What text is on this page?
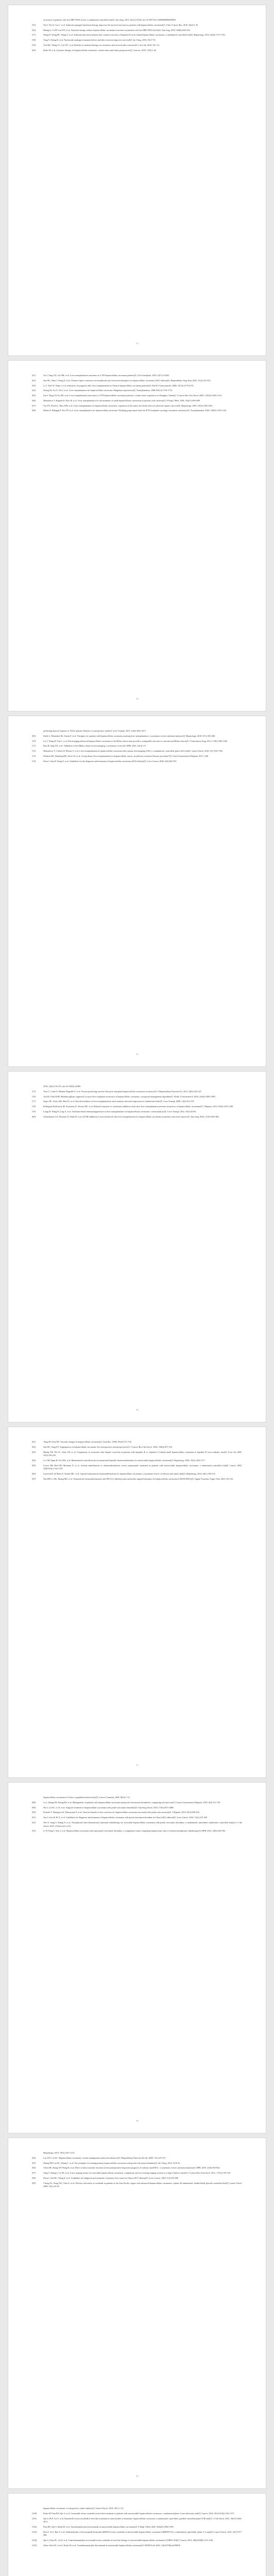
recurrence in patients with low HBV-DNA levels: a randomized controlled trial[J]. Ann Surg, 2015, 261(1):56-66. doi:10.1097/SLA.0000000000000858.
[55]	Wu J, Yin Z, Cao L, et al. Adjuvant equipped interferon therapy improves the survival outcomes in patients with hepatocellular carcinoma[J]. Chin J Cancer Res, 2018, 30(2):1-10.
[56]	Huang G, Li PP, Lau WY, et al. Antiviral therapy reduces hepatocellular carcinoma recurrence in patients with low HBV-DNA levels[J]. Ann Surg, 2018, 268(6):943-954.
[57]	Wang JJ, Wong BC, Wang Y, et al. Adjuvant antiviral treatment after curative resection of hepatitis B virus related hepatocellular carcinoma: a randomized controlled trial[J]. Hepatology, 2015, 62(6):1737-1750.
[58]	Yang Y, Zhang H, et al. Nucleoside analogue treatment before and after resection improves survival[J]. Int J Surg, 2016, 38:27-35.
[59]	Tsai MC, Wang CC, Lee WC, et al. Benefits of antiviral therapy on recurrence and survival after resection[J]. Liver Int, 2018, 38:1-12.
[60]	Kudo M, et al. Systemic therapy for hepatocellular carcinoma: current status and future perspectives[J]. Cancers, 2019, 11(8):1-20.
73
[61]	Xu J, Yang XX, Liu PM, et al. Liver transplantation outcomes in 2 339 hepatocellular carcinoma patients[J]. Clin Transplant, 2018, 32(7):e13285.
[62]	Sun HC, Zhou J, Wang Z, et al. Chinese expert consensus on neoadjuvant and conversion therapies for hepatocellular carcinoma (2021 edition)[J]. Hepatobiliary Surg Nutr, 2022, 11(2):227-252.
[63]	Li J, Yan LN, Yang J, et al. Indicators of prognosis after liver transplantation in Chinese hepatocellular carcinoma patients[J]. World J Gastroenterol, 2009, 15(33):4170-4176.
[64]	Zheng SS, Xu X, Wu J, et al. Liver transplantation for hepatocellular carcinoma: Hangzhou experiences[J]. Transplantation, 2008, 85(12):1726-1732.
[65]	Fan J, Yang GS, Fu ZR, et al. Liver transplantation outcomes in 1,078 hepatocellular carcinoma patients: a multi-center experience in Shanghai, China[J]. J Cancer Res Clin Oncol, 2009, 135(10):1403-1412.
[66]	Mazzaferro V, Regalia E, Doci R, et al. Liver transplantation for the treatment of small hepatocellular carcinomas in patients with cirrhosis[J]. N Engl J Med, 1996, 334(11):693-699.
[67]	Yao FY, Ferrell L, Bass NM, et al. Liver transplantation for hepatocellular carcinoma: expansion of the tumor size limits does not adversely impact survival[J]. Hepatology, 2001, 33(6):1394-1403.
[68]	Mehta N, Bhangui P, Yao FY, et al. Liver transplantation for hepatocellular carcinoma. Working group report from the ILTS transplant oncology consensus conference[J]. Transplantation, 2020, 104(6):1136-1142.
74
predicting tumour response to TACE patients: Results of a prospective study[J]. Liver Transpl, 2015, 21(8):1062-1071.
[69]	Kulik L, Heimbach JK, Zaiem F, et al. Therapies for patients with hepatocellular carcinoma awaiting liver transplantation: a systematic review and meta-analysis[J]. Hepatology, 2018, 67(1):381-400.
[70]	Lei J, Wang W, Yan L, et al. Downstaging advanced hepatocellular carcinoma to the Milan criteria may provide a comparable outcome to conventional Milan criteria[J]. J Gastrointest Surg, 2013, 17(8):1440-1446.
[71]	Kim B, Jung YK, et al. Validation of the Milan criteria for downstaging: a systematic review[J]. HPB, 2021, 23(3):1-9.
[72]	Mazzaferro V, Citterio D, Bhoori S, et al. Liver transplantation in hepatocellular carcinoma after tumour downstaging (XXL): a randomised, controlled, phase 2b/3 trial[J]. Lancet Oncol, 2020, 21(7):947-956.
[73]	Pinheiro RS, Waisberg DR, Nacif LS, et al. Living donor liver transplantation for hepatocellular cancer: an (almost) exclusive Eastern procedure?[J]. Transl Gastroenterol Hepatol, 2017, 2:68.
[74]	Zhou J, Sun H, Wang Z, et al. Guidelines for the diagnosis and treatment of hepatocellular carcinoma (2019 edition)[J]. Liver Cancer, 2020, 9(6):682-720.
75
2018, 24(2):134-155. doi:10.1002/lt.24985.
[75]	Toso C, Cader S, Mentha-Dugerdil A, et al. Factors predicting survival after post-transplant hepatocellular carcinoma recurrence[J]. J Hepatobiliary Pancreat Sci, 2013, 20(3):342-347.
[76]	Au KP, Chok KSH. Multidisciplinary approach for post-liver transplant recurrence of hepatocellular carcinoma: a proposed management algorithm[J]. World J Gastroenterol, 2018, 24(45):5081-5094.
[77]	Segev DL, Sozio SM, Shin EJ, et al. Steroid avoidance in liver transplantation: meta-analysis and meta-regression of randomized trials[J]. Liver Transpl, 2008, 14(4):512-525.
[78]	Rodriguez-Peralvarez M, Tsochatzis E, Naveas MC, et al. Reduced exposure to calcineurin inhibitors early after liver transplantation prevents recurrence of hepatocellular carcinoma[J]. J Hepatol, 2013, 59(6):1193-1199.
[79]	Liang W, Wang D, Ling X, et al. Sirolimus-based immunosuppression in liver transplantation for hepatocellular carcinoma: a meta-analysis[J]. Liver Transpl, 2012, 18(1):62-69.
[80]	Schnitzbauer AA, Filmann N, Adam R, et al. mTOR inhibition is most beneficial after liver transplantation for hepatocellular carcinoma in patients with active tumors[J]. Ann Surg, 2020, 272(5):855-862.
76
[81]	Yang ZF, Poon RT. Vascular changes in hepatocellular carcinoma[J]. Anat Rec, 2008, 291(6):721-734.
[82]	Sun HC, Tang ZY. Angiogenesis in hepatocellular carcinoma: the retrospectives and perspectives[J]. J Cancer Res Clin Oncol, 2004, 130(6):307-319.
[83]	Huang YH, Wu JC, Chen CH, et al. Comparison of recurrence after hepatic resection in patients with hepatitis B vs. hepatitis C-related small hepatocellular carcinoma in hepatitis B virus endemic area[J]. Liver Int, 2005, 25(2):236-241.
[84]	Lo CM, Ngan H, Tso WK, et al. Randomized controlled trial of transarterial lipiodol chemoembolization for unresectable hepatocellular carcinoma[J]. Hepatology, 2002, 35(5):1164-1171.
[85]	Llovet JM, Real MI, Montana X, et al. Arterial embolisation or chemoembolisation versus symptomatic treatment in patients with unresectable hepatocellular carcinoma: a randomised controlled trial[J]. Lancet, 2002, 359(9319):1734-1739.
[86]	Lencioni R, de Baere T, Soulen MC, et al. Lipiodol transarterial chemoembolization for hepatocellular carcinoma: a systematic review of efficacy and safety data[J]. Hepatology, 2016, 64(1):106-116.
[87]	Zhu HD, Li HL, Huang MS, et al. Transarterial chemoembolization with PD-(L)1 inhibitors plus molecular targeted therapies for hepatocellular carcinoma (CHANCE001)[J]. Signal Transduct Target Ther, 2023, 8(1):58.
77
hepatocellular carcinoma in China: a population-based study[J]. Cancer Commun, 2020, 40(4):1-12.
[88]	Lu J, Zhang XP, Zhong BY, et al. Management of patients with hepatocellular carcinoma and portal vein tumour thrombosis: comparing east and west[J]. Lancet Gastroenterol Hepatol, 2019, 4(9):721-730.
[89]	Shi J, Lai EC, Li N, et al. Surgical treatment of hepatocellular carcinoma with portal vein tumor thrombus[J]. Ann Surg Oncol, 2010, 17(8):2073-2080.
[90]	Kokudo T, Hasegawa K, Matsuyama Y, et al. Survival benefit of liver resection for hepatocellular carcinoma associated with portal vein invasion[J]. J Hepatol, 2016, 65(5):938-943.
[91]	Sun J, Guo R, Bi X, et al. Guidelines for diagnosis and treatment of hepatocellular carcinoma with portal vein tumor thrombus in China (2021 edition)[J]. Liver Cancer, 2022, 11(4):315-328.
[92]	Wei X, Jiang Y, Zhang X, et al. Neoadjuvant three-dimensional conformal radiotherapy for resectable hepatocellular carcinoma with portal vein tumor thrombus: a randomized, open-label, multicenter controlled study[J]. J Clin Oncol, 2019, 37(24):2141-2151.
[93]	Li N, Feng S, Xue J, et al. Hepatocellular carcinoma with main portal vein tumor thrombus: a comparative study comparing hepatectomy with or without neoadjuvant radiotherapy[J]. HPB, 2016, 18(6):549-556.
78
Hepatology, 2019, 70(4):1201-1213.
[94]	Lau WY, Lai EC. Hepatocellular carcinoma: current management and recent advances[J]. Hepatobiliary Pancreat Dis Int, 2008, 7(3):237-257.
[95]	Zhang ZM, Lai EC, Zhang C, et al. The strategies for treating primary hepatocellular carcinoma with portal vein tumor thrombus[J]. Int J Surg, 2015, 20:8-16.
[96]	Chen ZH, Zhang XP, Wang H, et al. Effect of microvascular invasion on the postoperative long-term prognosis of solitary small HCC: a systematic review and meta-analysis[J]. HPB, 2019, 21(8):935-944.
[97]	Yang T, Zhang J, Lu JH, et al. A new staging system for resectable hepatocellular carcinoma: comparison with six existing staging systems in a large Chinese cohort[J]. J Cancer Res Clin Oncol, 2011, 137(5):739-750.
[98]	Zhou J, Sun HC, Wang Z, et al. Guidelines for diagnosis and treatment of primary liver cancer in China (2017 edition)[J]. Liver Cancer, 2018, 7(3):235-260.
[99]	Cheng AL, Kang YK, Chen Z, et al. Efficacy and safety of sorafenib in patients in the Asia-Pacific region with advanced hepatocellular carcinoma: a phase III randomised, double-blind, placebo-controlled trial[J]. Lancet Oncol, 2009, 10(1):25-34.
79
hepatocellular carcinoma: a retrospective cohort analysis[J]. Lancet Oncol, 2018, 19(7):1-12.
[100]	Kudo M, Finn RS, Qin S, et al. Lenvatinib versus sorafenib in first-line treatment of patients with unresectable hepatocellular carcinoma: a randomised phase 3 non-inferiority trial[J]. Lancet, 2018, 391(10126):1163-1173.
[101]	Qin S, Bi F, Gu S, et al. Donafenib versus sorafenib in first-line treatment of unresectable or metastatic hepatocellular carcinoma: a randomized, open-label, parallel-controlled phase II-III trial[J]. J Clin Oncol, 2021, 39(27):3002-3011.
[102]	Finn RS, Qin S, Ikeda M, et al. Atezolizumab plus bevacizumab in unresectable hepatocellular carcinoma[J]. N Engl J Med, 2020, 382(20):1894-1905.
[103]	Ren Z, Xu J, Bai Y, et al. Sintilimab plus a bevacizumab biosimilar (IBI305) versus sorafenib in unresectable hepatocellular carcinoma (ORIENT-32): a randomised, open-label, phase 2-3 study[J]. Lancet Oncol, 2021, 22(7):977-990.
[104]	Qin S, Chan SL, Gu S, et al. Camrelizumab plus rivoceranib versus sorafenib as first-line therapy for unresectable hepatocellular carcinoma (CARES-310)[J]. Lancet, 2023, 402(10408):1133-1146.
[105]	Abou-Alfa GK, Lau G, Kudo M, et al. Tremelimumab plus durvalumab in unresectable hepatocellular carcinoma[J]. NEJM Evid, 2022, 1(8):EVIDoa2100070.
